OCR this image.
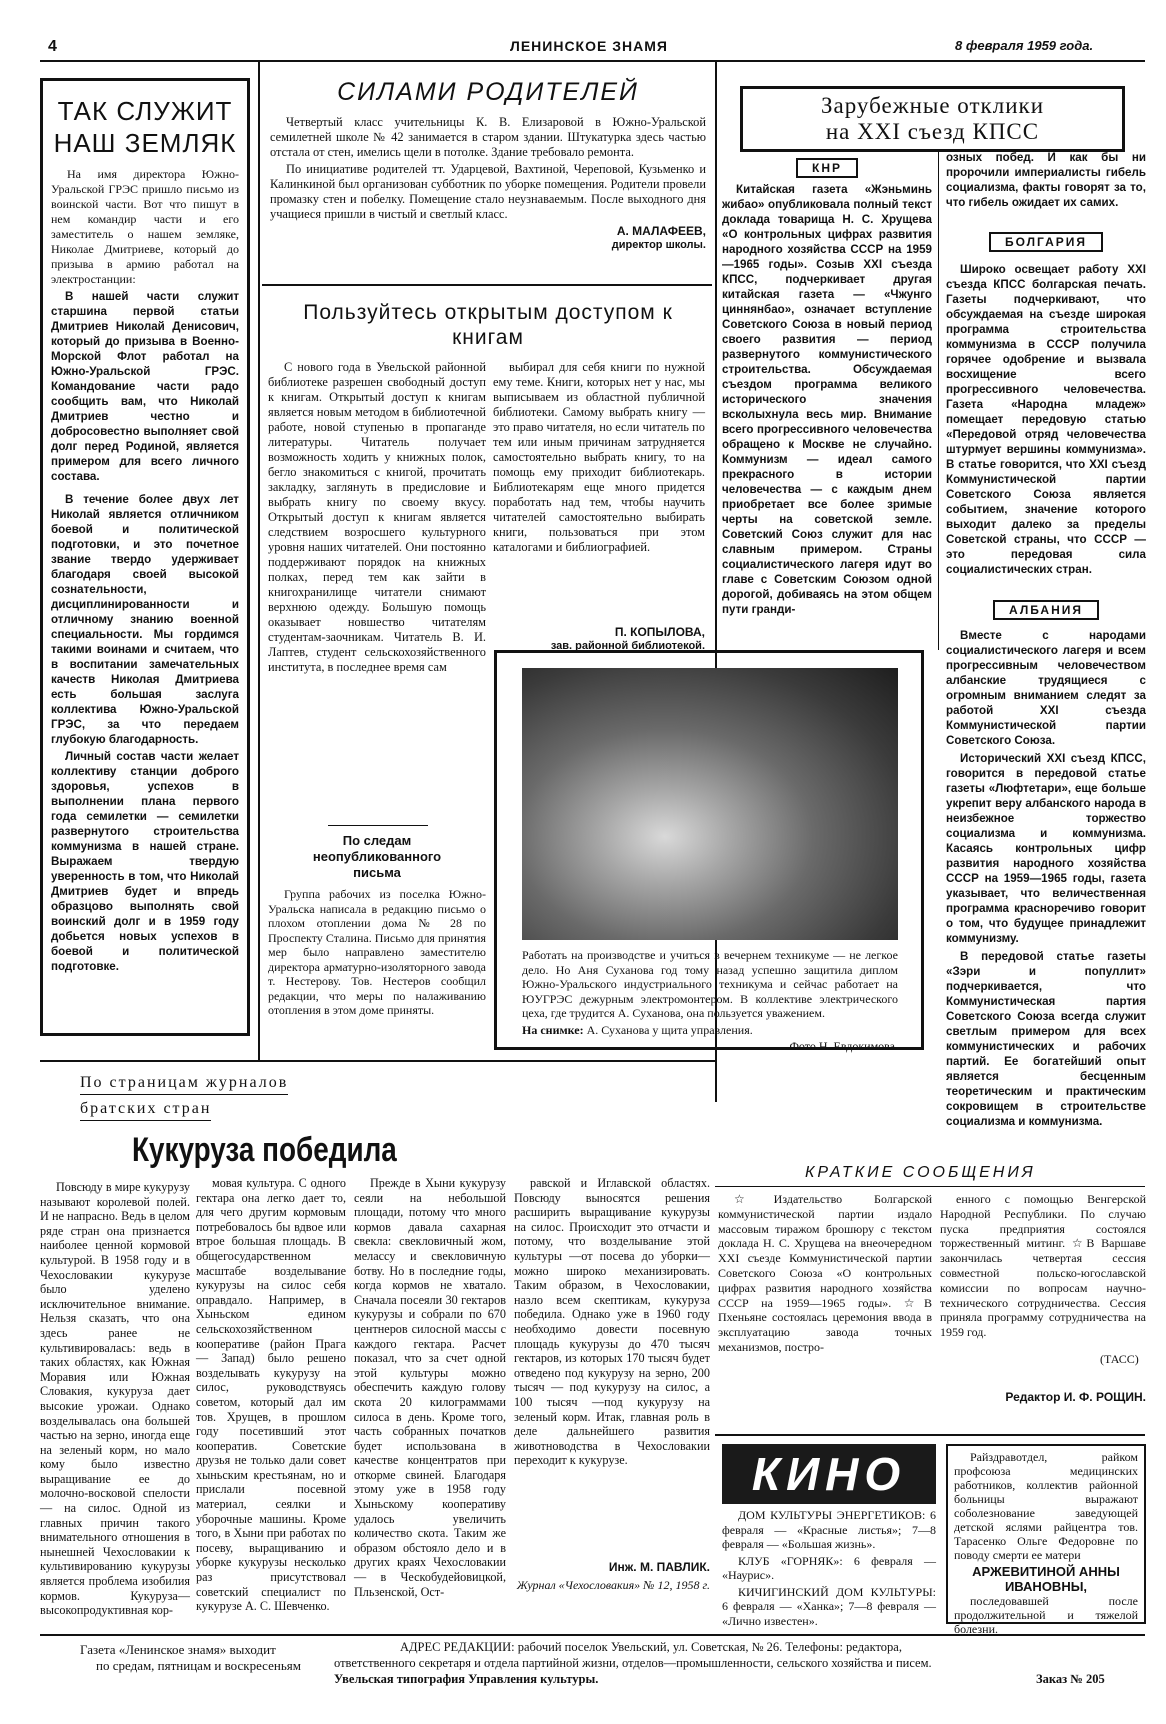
4	ЛЕНИНСКОЕ ЗНАМЯ	8 февраля 1959 года.
ТАК СЛУЖИТ НАШ ЗЕМЛЯК

На имя директора Южно-Уральской ГРЭС пришло письмо из воинской части. Вот что пишут в нем командир части и его заместитель о нашем земляке, Николае Дмитриеве, который до призыва в армию работал на электростанции:

В нашей части служит старшина первой статьи Дмитриев Николай Денисович, который до призыва в Военно-Морской Флот работал на Южно-Уральской ГРЭС. Командование части радо сообщить вам, что Николай Дмитриев честно и добросовестно выполняет свой долг перед Родиной, является примером для всего личного состава.

В течение более двух лет Николай является отличником боевой и политической подготовки, и это почетное звание твердо удерживает благодаря своей высокой сознательности, дисциплинированности и отличному знанию военной специальности. Мы гордимся такими воинами и считаем, что в воспитании замечательных качеств Николая Дмитриева есть большая заслуга коллектива Южно-Уральской ГРЭС, за что передаем глубокую благодарность.

Личный состав части желает коллективу станции доброго здоровья, успехов в выполнении плана первого года семилетки — семилетки развернутого строительства коммунизма в нашей стране. Выражаем твердую уверенность в том, что Николай Дмитриев будет и впредь образцово выполнять свой воинский долг и в 1959 году добьется новых успехов в боевой и политической подготовке.

СИЛАМИ РОДИТЕЛЕЙ

Четвертый класс учительницы К. В. Елизаровой в Южно-Уральской семилетней школе № 42 занимается в старом здании. Штукатурка здесь частью отстала от стен, имелись щели в потолке. Здание требовало ремонта.

По инициативе родителей тт. Ударцевой, Вахтиной, Череповой, Кузьменко и Калинкиной был организован субботник по уборке помещения. Родители провели промазку стен и побелку. Помещение стало неузнаваемым. После выходного дня учащиеся пришли в чистый и светлый класс.

А. МАЛАФЕЕВ,
директор школы.
Пользуйтесь открытым доступом к книгам

С нового года в Увельской районной библиотеке разрешен свободный доступ к книгам. Открытый доступ к книгам является новым методом в библиотечной работе, новой ступенью в пропаганде литературы. Читатель получает возможность ходить у книжных полок, бегло знакомиться с книгой, прочитать закладку, заглянуть в предисловие и выбрать книгу по своему вкусу. Открытый доступ к книгам является следствием возросшего культурного уровня наших читателей. Они постоянно поддерживают порядок на книжных полках, перед тем как зайти в книгохранилище читатели снимают верхнюю одежду. Большую помощь оказывает новшество читателям студентам-заочникам. Читатель В. И. Лаптев, студент сельскохозяйственного института, в последнее время сам

выбирал для себя книги по нужной ему теме. Книги, которых нет у нас, мы выписываем из областной публичной библиотеки. Самому выбрать книгу — это право читателя, но если читатель по тем или иным причинам затрудняется самостоятельно выбрать книгу, то на помощь ему приходит библиотекарь. Библиотекарям еще много придется поработать над тем, чтобы научить читателей самостоятельно выбирать книги, пользоваться при этом каталогами и библиографией.

П. КОПЫЛОВА,
зав. районной библиотекой.
По следам неопубликованного письма

Группа рабочих из поселка Южно-Уральска написала в редакцию письмо о плохом отоплении дома № 28 по Проспекту Сталина. Письмо для принятия мер было направлено заместителю директора арматурно-изоляторного завода т. Нестерову. Тов. Нестеров сообщил редакции, что меры по налаживанию отопления в этом доме приняты.

Работать на производстве и учиться в вечернем техникуме — не легкое дело. Но Аня Суханова год тому назад успешно защитила диплом Южно-Уральского индустриального техникума и сейчас работает на ЮУГРЭС дежурным электромонтером. В коллективе электрического цеха, где трудится А. Суханова, она пользуется уважением.

На снимке: А. Суханова у щита управления.

Фото Н. Евдокимова.
Зарубежные отклики
на XXI съезд КПСС
КНР

Китайская газета «Жэньминь жибао» опубликовала полный текст доклада товарища Н. С. Хрущева «О контрольных цифрах развития народного хозяйства СССР на 1959—1965 годы». Созыв XXI съезда КПСС, подчеркивает другая китайская газета — «Чжунго циннянбао», означает вступление Советского Союза в новый период своего развития — период развернутого коммунистического строительства. Обсуждаемая съездом программа великого исторического значения всколыхнула весь мир. Внимание всего прогрессивного человечества обращено к Москве не случайно. Коммунизм — идеал самого прекрасного в истории человечества — с каждым днем приобретает все более зримые черты на советской земле. Советский Союз служит для нас славным примером. Страны социалистического лагеря идут во главе с Советским Союзом одной дорогой, добиваясь на этом общем пути гранди-

озных побед. И как бы ни пророчили империалисты гибель социализма, факты говорят за то, что гибель ожидает их самих.

БОЛГАРИЯ

Широко освещает работу XXI съезда КПСС болгарская печать. Газеты подчеркивают, что обсуждаемая на съезде широкая программа строительства коммунизма в СССР получила горячее одобрение и вызвала восхищение всего прогрессивного человечества. Газета «Народна младеж» помещает передовую статью «Передовой отряд человечества штурмует вершины коммунизма». В статье говорится, что XXI съезд Коммунистической партии Советского Союза является событием, значение которого выходит далеко за пределы Советской страны, что СССР — это передовая сила социалистических стран.

АЛБАНИЯ

Вместе с народами социалистического лагеря и всем прогрессивным человечеством албанские трудящиеся с огромным вниманием следят за работой XXI съезда Коммунистической партии Советского Союза.

Исторический XXI съезд КПСС, говорится в передовой статье газеты «Люфтетари», еще больше укрепит веру албанского народа в неизбежное торжество социализма и коммунизма. Касаясь контрольных цифр развития народного хозяйства СССР на 1959—1965 годы, газета указывает, что величественная программа красноречиво говорит о том, что будущее принадлежит коммунизму.

В передовой статье газеты «Зэри и популлит» подчеркивается, что Коммунистическая партия Советского Союза всегда служит светлым примером для всех коммунистических и рабочих партий. Ее богатейший опыт является бесценным теоретическим и практическим сокровищем в строительстве социализма и коммунизма.

По страницам журналов
братских стран
Кукуруза победила

Повсюду в мире кукурузу называют королевой полей. И не напрасно. Ведь в целом ряде стран она признается наиболее ценной кормовой культурой. В 1958 году и в Чехословакии кукурузе было уделено исключительное внимание. Нельзя сказать, что она здесь ранее не культивировалась: ведь в таких областях, как Южная Моравия или Южная Словакия, кукуруза дает высокие урожаи. Однако возделывалась она большей частью на зерно, иногда еще на зеленый корм, но мало кому было известно выращивание ее до молочно-восковой спелости — на силос. Одной из главных причин такого внимательного отношения в нынешней Чехословакии к культивированию кукурузы является проблема изобилия кормов. Кукуруза—высокопродуктивная кор-

мовая культура. С одного гектара она легко дает то, для чего другим кормовым потребовалось бы вдвое или втрое большая площадь. В общегосударственном масштабе возделывание кукурузы на силос себя оправдало. Например, в Хыньском едином сельскохозяйственном кооперативе (район Прага — Запад) было решено возделывать кукурузу на силос, руководствуясь советом, который дал им тов. Хрущев, в прошлом году посетивший этот кооператив. Советские друзья не только дали совет хыньским крестьянам, но и прислали посевной материал, сеялки и уборочные машины. Кроме того, в Хыни при работах по посеву, выращиванию и уборке кукурузы несколько раз присутствовал советский специалист по кукурузе А. С. Шевченко.

Прежде в Хыни кукурузу сеяли на небольшой площади, потому что много кормов давала сахарная свекла: свекловичный жом, мелассу и свекловичную ботву. Но в последние годы, когда кормов не хватало. Сначала посеяли 30 гектаров кукурузы и собрали по 670 центнеров силосной массы с каждого гектара. Расчет показал, что за счет одной этой культуры можно обеспечить каждую голову скота 20 килограммами силоса в день. Кроме того, часть собранных початков будет использована в качестве концентратов при откорме свиней. Благодаря этому уже в 1958 году Хыньскому кооперативу удалось увеличить количество скота. Таким же образом обстояло дело и в других краях Чехословакии — в Ческобудейовицкой, Пльзенской, Ост-

равской и Иглавской областях. Повсюду выносятся решения расширить выращивание кукурузы на силос. Происходит это отчасти и потому, что возделывание этой культуры —от посева до уборки—можно широко механизировать. Таким образом, в Чехословакии, назло всем скептикам, кукуруза победила. Однако уже в 1960 году необходимо довести посевную площадь кукурузы до 470 тысяч гектаров, из которых 170 тысяч будет отведено под кукурузу на зерно, 200 тысяч — под кукурузу на силос, а 100 тысяч —под кукурузу на зеленый корм. Итак, главная роль в деле дальнейшего развития животноводства в Чехословакии переходит к кукурузе.

Инж. М. ПАВЛИК.
Журнал «Чехословакия» № 12, 1958 г.
КРАТКИЕ СООБЩЕНИЯ

☆Издательство Болгарской коммунистической партии издало массовым тиражом брошюру с текстом доклада Н. С. Хрущева на внеочередном XXI съезде Коммунистической партии Советского Союза «О контрольных цифрах развития народного хозяйства СССР на 1959—1965 годы». ☆В Пхеньяне состоялась церемония ввода в эксплуатацию завода точных механизмов, постро-

енного с помощью Венгерской Народной Республики. По случаю пуска предприятия состоялся торжественный митинг. ☆В Варшаве закончилась четвертая сессия совместной польско-югославской комиссии по вопросам научно-технического сотрудничества. Сессия приняла программу сотрудничества на 1959 год.

(ТАСС)
Редактор И. Ф. РОЩИН.
КИНО

ДОМ КУЛЬТУРЫ ЭНЕРГЕТИКОВ: 6 февраля — «Красные листья»; 7—8 февраля — «Большая жизнь».

КЛУБ «ГОРНЯК»: 6 февраля — «Наурис».

КИЧИГИНСКИЙ ДОМ КУЛЬТУРЫ: 6 февраля — «Ханка»; 7—8 февраля — «Лично известен».

Райздравотдел, райком профсоюза медицинских работников, коллектив районной больницы выражают соболезнование заведующей детской яслями райцентра тов. Тарасенко Ольге Федоровне по поводу смерти ее матери

АРЖЕВИТИНОЙ АННЫ ИВАНОВНЫ,

последовавшей после продолжительной и тяжелой болезни.

Газета «Ленинское знамя» выходит
по средам, пятницам и воскресеньям
АДРЕС РЕДАКЦИИ: рабочий поселок Увельский, ул. Советская, № 26. Телефоны: редактора,
ответственного секретаря и отдела партийной жизни, отделов—промышленности, сельского хозяйства и писем.
Увельская типография Управления культуры.	Заказ № 205
